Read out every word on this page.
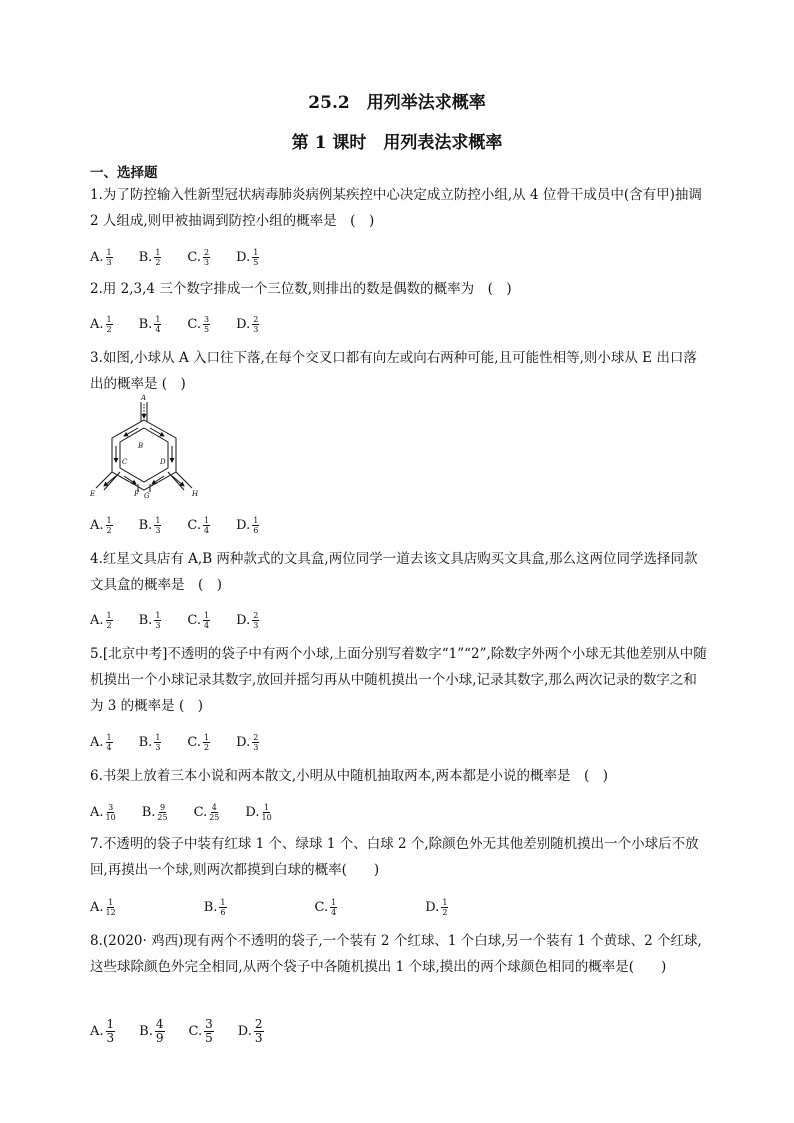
25.2　用列举法求概率
第 1 课时　用列表法求概率
一、选择题
1.为了防控输入性新型冠状病毒肺炎病例某疾控中心决定成立防控小组,从 4 位骨干成员中(含有甲)抽调 2 人组成,则甲被抽调到防控小组的概率是　(　)
A. $\frac{1}{3} B$. $\frac{1}{2} C$. $\frac{2}{3} D$. $\frac{1}{5}$
2.用 2,3,4 三个数字排成一个三位数,则排出的数是偶数的概率为　(　)
A. $\frac{1}{2} B$. $\frac{1}{4} C$. $\frac{3}{5} D$. $\frac{2}{3}$
3.如图,小球从 A 入口往下落,在每个交叉口都有向左或向右两种可能,且可能性相等,则小球从 E 出口落出的概率是 (　)
A
B
C	D
E	F G	H
A. $\frac{1}{2} B$. $\frac{1}{3} C$. $\frac{1}{4} D$. $\frac{1}{6}$
4.红星文具店有 A,B 两种款式的文具盒,两位同学一道去该文具店购买文具盒,那么这两位同学选择同款文具盒的概率是　(　)
A. $\frac{1}{2} B$. $\frac{1}{3} C$. $\frac{1}{4} D$. $\frac{2}{3}$
5.[北京中考]不透明的袋子中有两个小球,上面分别写着数字“1”“2”,除数字外两个小球无其他差别从中随机摸出一个小球记录其数字,放回并摇匀再从中随机摸出一个小球,记录其数字,那么两次记录的数字之和为 3 的概率是 (　)
A. $\frac{1}{4} B$. $\frac{1}{3} C$. $\frac{1}{2} D$. $\frac{2}{3}$
6.书架上放着三本小说和两本散文,小明从中随机抽取两本,两本都是小说的概率是　(　)
A. $\frac{3}{10} B$. $\frac{9}{25} C$. $\frac{4}{25} D$. $\frac{1}{10}$
7.不透明的袋子中装有红球 1 个、绿球 1 个、白球 2 个,除颜色外无其他差别随机摸出一个小球后不放回,再摸出一个球,则两次都摸到白球的概率(　　)
A. $\frac{1}{12}$	B. $\frac{1}{6}$	C. $\frac{1}{4}$	D. $\frac{1}{2}$
8.(2020· 鸡西)现有两个不透明的袋子,一个装有 2 个红球、1 个白球,另一个装有 1 个黄球、2 个红球,这些球除颜色外完全相同,从两个袋子中各随机摸出 1 个球,摸出的两个球颜色相同的概率是(　　)
A. $\frac{1}{3} B$. $\frac{4}{9} C$. $\frac{3}{5} D$. $\frac{2}{3}$
